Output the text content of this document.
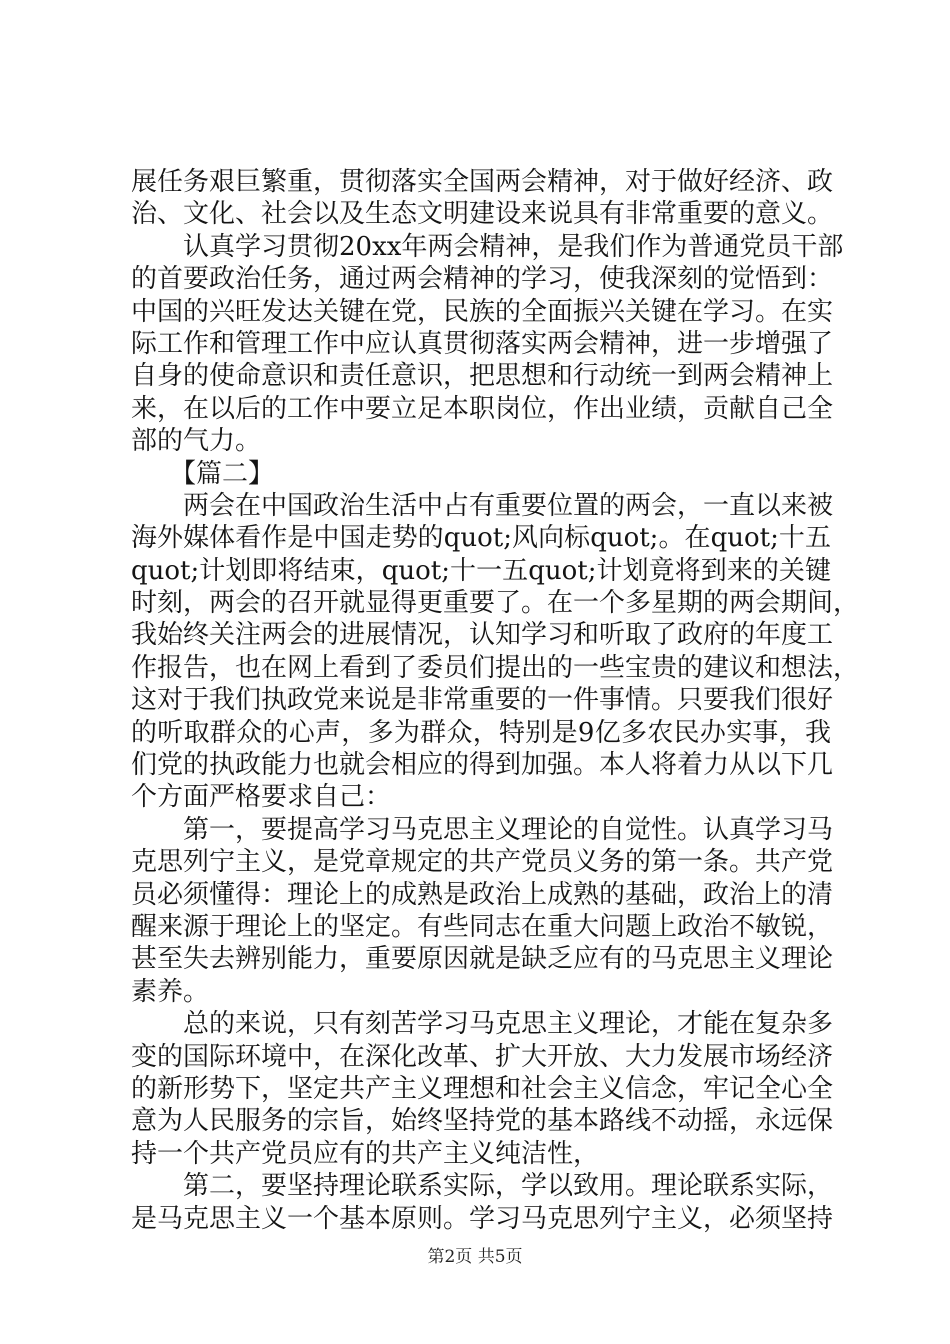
展任务艰巨繁重，贯彻落实全国两会精神，对于做好经济、政
治、文化、社会以及生态文明建设来说具有非常重要的意义。
　　认真学习贯彻20xx年两会精神，是我们作为普通党员干部
的首要政治任务，通过两会精神的学习，使我深刻的觉悟到：
中国的兴旺发达关键在党，民族的全面振兴关键在学习。在实
际工作和管理工作中应认真贯彻落实两会精神，进一步增强了
自身的使命意识和责任意识，把思想和行动统一到两会精神上
来，在以后的工作中要立足本职岗位，作出业绩，贡献自己全
部的气力。
　　【篇二】
　　两会在中国政治生活中占有重要位置的两会，一直以来被
海外媒体看作是中国走势的quot;风向标quot;。在quot;十五
quot;计划即将结束，quot;十一五quot;计划竟将到来的关键
时刻，两会的召开就显得更重要了。在一个多星期的两会期间，
我始终关注两会的进展情况，认知学习和听取了政府的年度工
作报告，也在网上看到了委员们提出的一些宝贵的建议和想法，
这对于我们执政党来说是非常重要的一件事情。只要我们很好
的听取群众的心声，多为群众，特别是9亿多农民办实事，我
们党的执政能力也就会相应的得到加强。本人将着力从以下几
个方面严格要求自己：
　　第一，要提高学习马克思主义理论的自觉性。认真学习马
克思列宁主义，是党章规定的共产党员义务的第一条。共产党
员必须懂得：理论上的成熟是政治上成熟的基础，政治上的清
醒来源于理论上的坚定。有些同志在重大问题上政治不敏锐，
甚至失去辨别能力，重要原因就是缺乏应有的马克思主义理论
素养。
　　总的来说，只有刻苦学习马克思主义理论，才能在复杂多
变的国际环境中，在深化改革、扩大开放、大力发展市场经济
的新形势下，坚定共产主义理想和社会主义信念，牢记全心全
意为人民服务的宗旨，始终坚持党的基本路线不动摇，永远保
持一个共产党员应有的共产主义纯洁性，
　　第二，要坚持理论联系实际，学以致用。理论联系实际，
是马克思主义一个基本原则。学习马克思列宁主义，必须坚持
第2页 共5页
